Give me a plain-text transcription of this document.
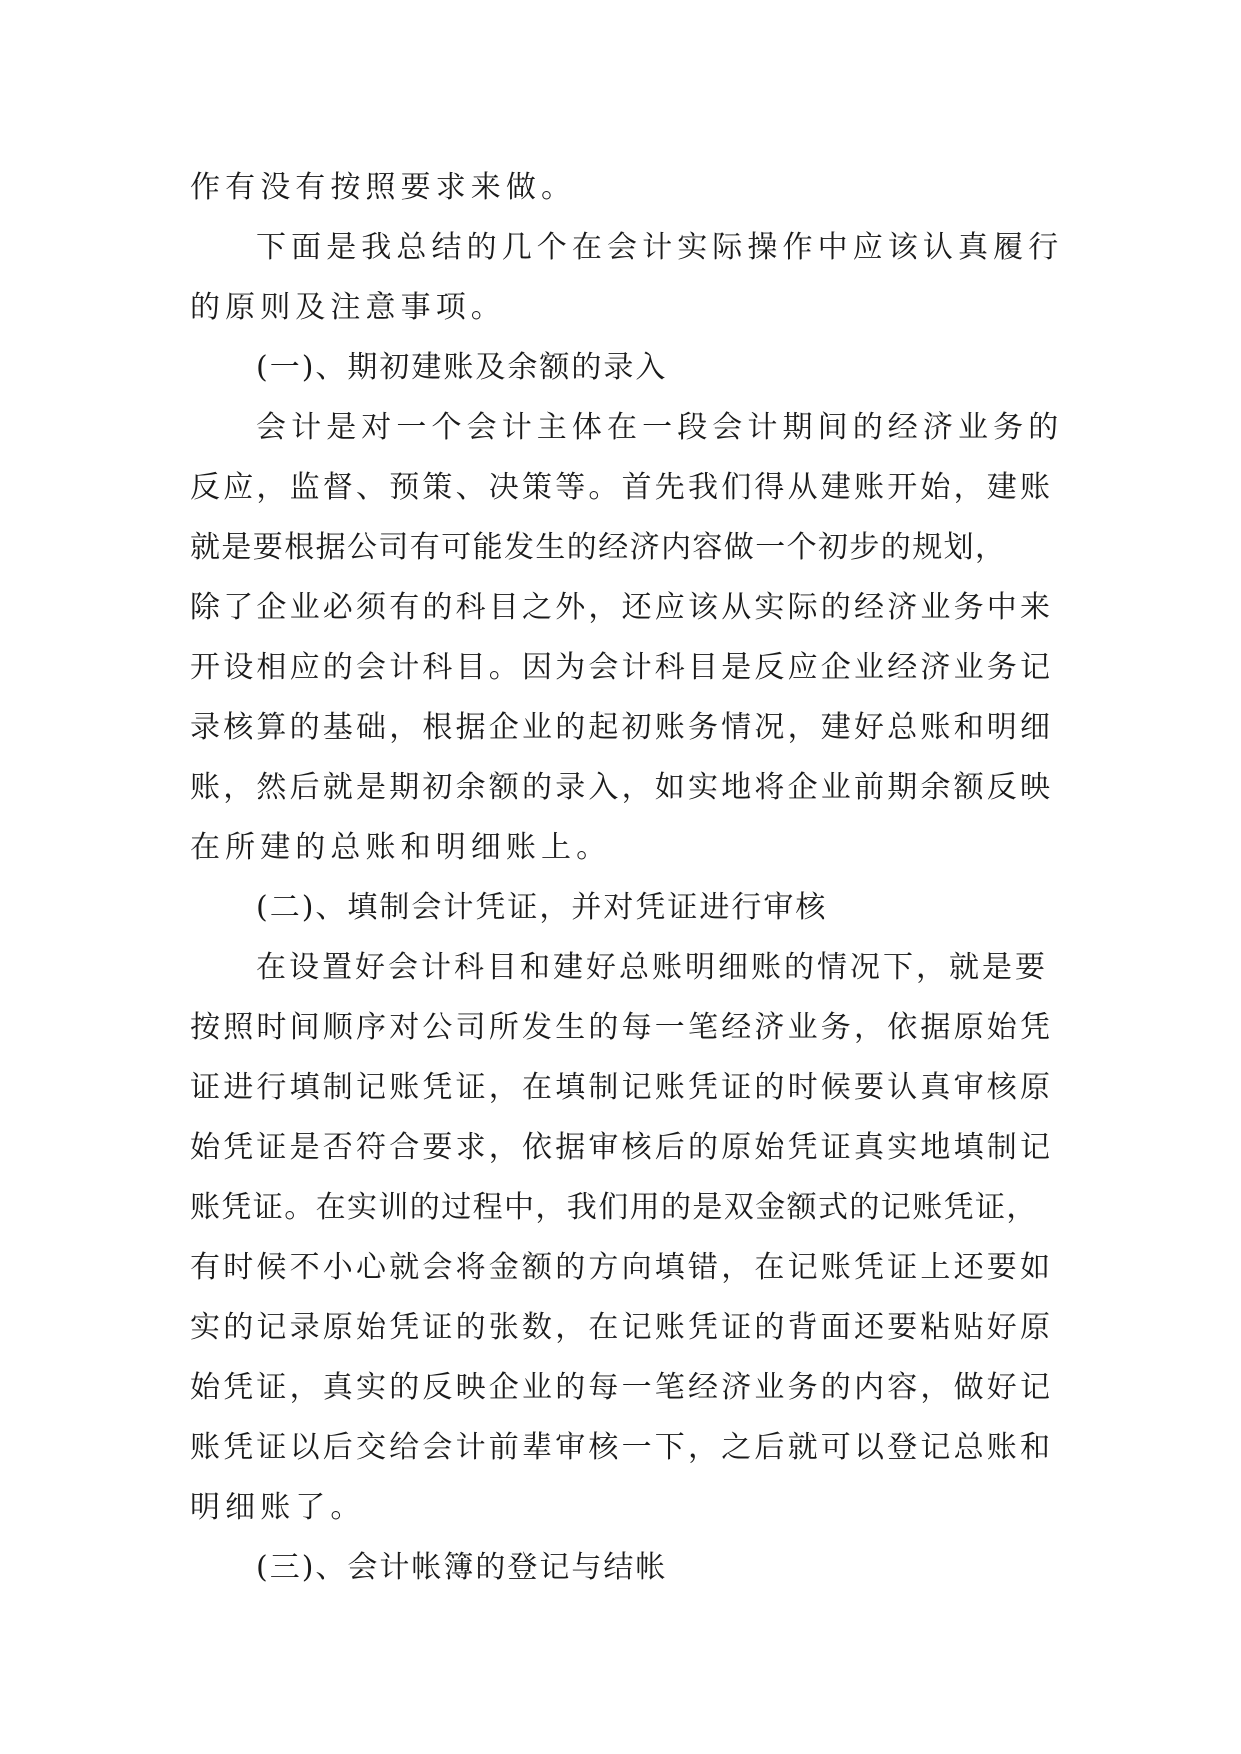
作有没有按照要求来做。
下面是我总结的几个在会计实际操作中应该认真履行
的原则及注意事项。
(一)、期初建账及余额的录入
会计是对一个会计主体在一段会计期间的经济业务的
反应，监督、预策、决策等。首先我们得从建账开始，建账
就是要根据公司有可能发生的经济内容做一个初步的规划，
除了企业必须有的科目之外，还应该从实际的经济业务中来
开设相应的会计科目。因为会计科目是反应企业经济业务记
录核算的基础，根据企业的起初账务情况，建好总账和明细
账，然后就是期初余额的录入，如实地将企业前期余额反映
在所建的总账和明细账上。
(二)、填制会计凭证，并对凭证进行审核
在设置好会计科目和建好总账明细账的情况下，就是要
按照时间顺序对公司所发生的每一笔经济业务，依据原始凭
证进行填制记账凭证，在填制记账凭证的时候要认真审核原
始凭证是否符合要求，依据审核后的原始凭证真实地填制记
账凭证。在实训的过程中，我们用的是双金额式的记账凭证，
有时候不小心就会将金额的方向填错，在记账凭证上还要如
实的记录原始凭证的张数，在记账凭证的背面还要粘贴好原
始凭证，真实的反映企业的每一笔经济业务的内容，做好记
账凭证以后交给会计前辈审核一下，之后就可以登记总账和
明细账了。
(三)、会计帐簿的登记与结帐
